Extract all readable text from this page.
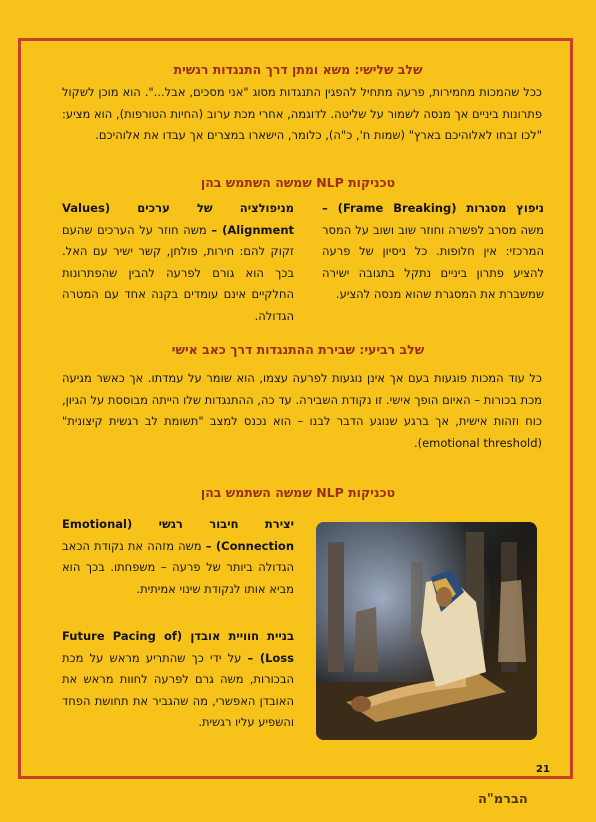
שלב שלישי: משא ומתן דרך התנגדות רגשית
ככל שהמכות מחמירות, פרעה מתחיל להפגין התנגדות מסוג "אני מסכים, אבל...". הוא מוכן לשקול פתרונות ביניים אך מנסה לשמור על שליטה. לדוגמה, אחרי מכת ערוב (החיות הטורפות), הוא מציע: "לכו זבחו לאלוהיכם בארץ" (שמות ח', כ"ה), כלומר, הישארו במצרים אך עבדו את אלוהיכם.
טכניקות NLP שמשה השתמש בהן
ניפוץ מסגרות (Frame Breaking) – משה מסרב לפשרה וחוזר שוב ושוב על המסר המרכזי: אין חלופות. כל ניסיון של פרעה להציע פתרון ביניים נתקל בתגובה ישירה שמשברת את המסגרת שהוא מנסה להציע.
מניפולציה של ערכים (Values Alignment) – משה חוזר על הערכים שהעם זקוק להם: חירות, פולחן, קשר ישיר עם האל. בכך הוא גורם לפרעה להבין שהפתרונות החלקיים אינם עומדים בקנה אחד עם המטרה הגדולה.
שלב רביעי: שבירת ההתנגדות דרך כאב אישי
כל עוד המכות פוגעות בעם אך אינן נוגעות לפרעה עצמו, הוא שומר על עמדתו. אך כאשר מגיעה מכת בכורות – האיום הופך אישי. זו נקודת השבירה. עד כה, ההתנגדות שלו הייתה מבוססת על הגיון, כוח וזהות אישית, אך ברגע שנוגע הדבר לבנו – הוא נכנס למצב "תשומת לב רגשית קיצונית" (emotional threshold).
טכניקות NLP שמשה השתמש בהן
יצירת חיבור רגשי (Emotional Connection) – משה מזהה את נקודת הכאב הגדולה ביותר של פרעה – משפחתו. בכך הוא מביא אותו לנקודת שינוי אמיתית.
בניית חוויית אובדן (Future Pacing of Loss) – על ידי כך שהתריע מראש על מכת הבכורות, משה גרם לפרעה לחוות מראש את האובדן האפשרי, מה שהגביר את תחושת הפחד והשפיע עליו רגשית.
21
הברמ"ה
